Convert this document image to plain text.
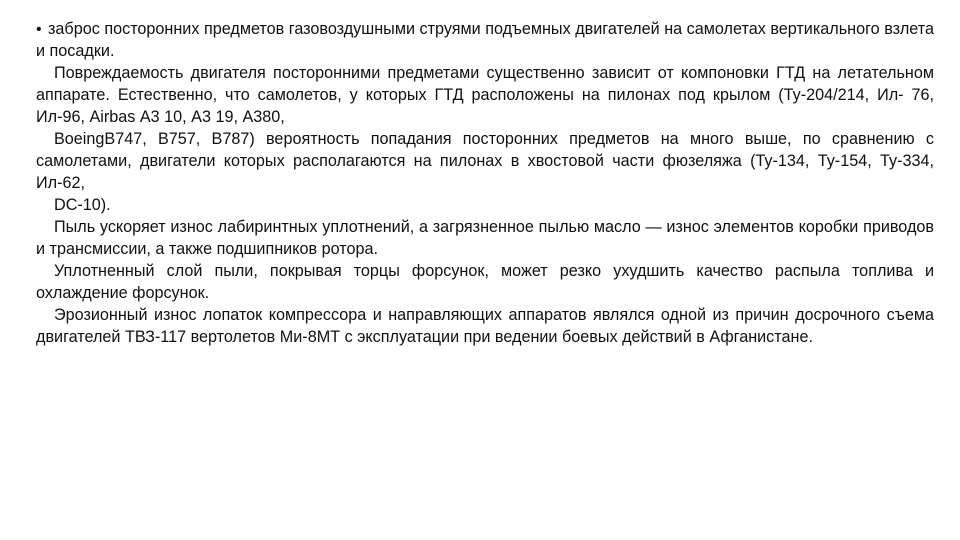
• заброс посторонних предметов газовоздушными струями подъемных двигателей на самолетах вертикального взлета и посадки.

Повреждаемость двигателя посторонними предметами существенно зависит от компоновки ГТД на летательном аппарате. Естественно, что самолетов, у которых ГТД расположены на пилонах под крылом (Ту-204/214, Ил- 76, Ил-96, Airbas А3 10, А3 19, А380,

BoeingB747, В757, В787) вероятность попадания посторонних предметов на много выше, по сравнению с самолетами, двигатели которых располагаются на пилонах в хвостовой части фюзеляжа (Ту-134, Ту-154, Ту-334, Ил-62,

DC-10).

Пыль ускоряет износ лабиринтных уплотнений, а загрязненное пылью масло — износ элементов коробки приводов и трансмиссии, а также подшипников ротора.

Уплотненный слой пыли, покрывая торцы форсунок, может резко ухудшить качество распыла топлива и охлаждение форсунок.

Эрозионный износ лопаток компрессора и направляющих аппаратов являлся одной из причин досрочного съема двигателей ТВЗ-117 вертолетов Ми-8МТ с эксплуатации при ведении боевых действий в Афганистане.
